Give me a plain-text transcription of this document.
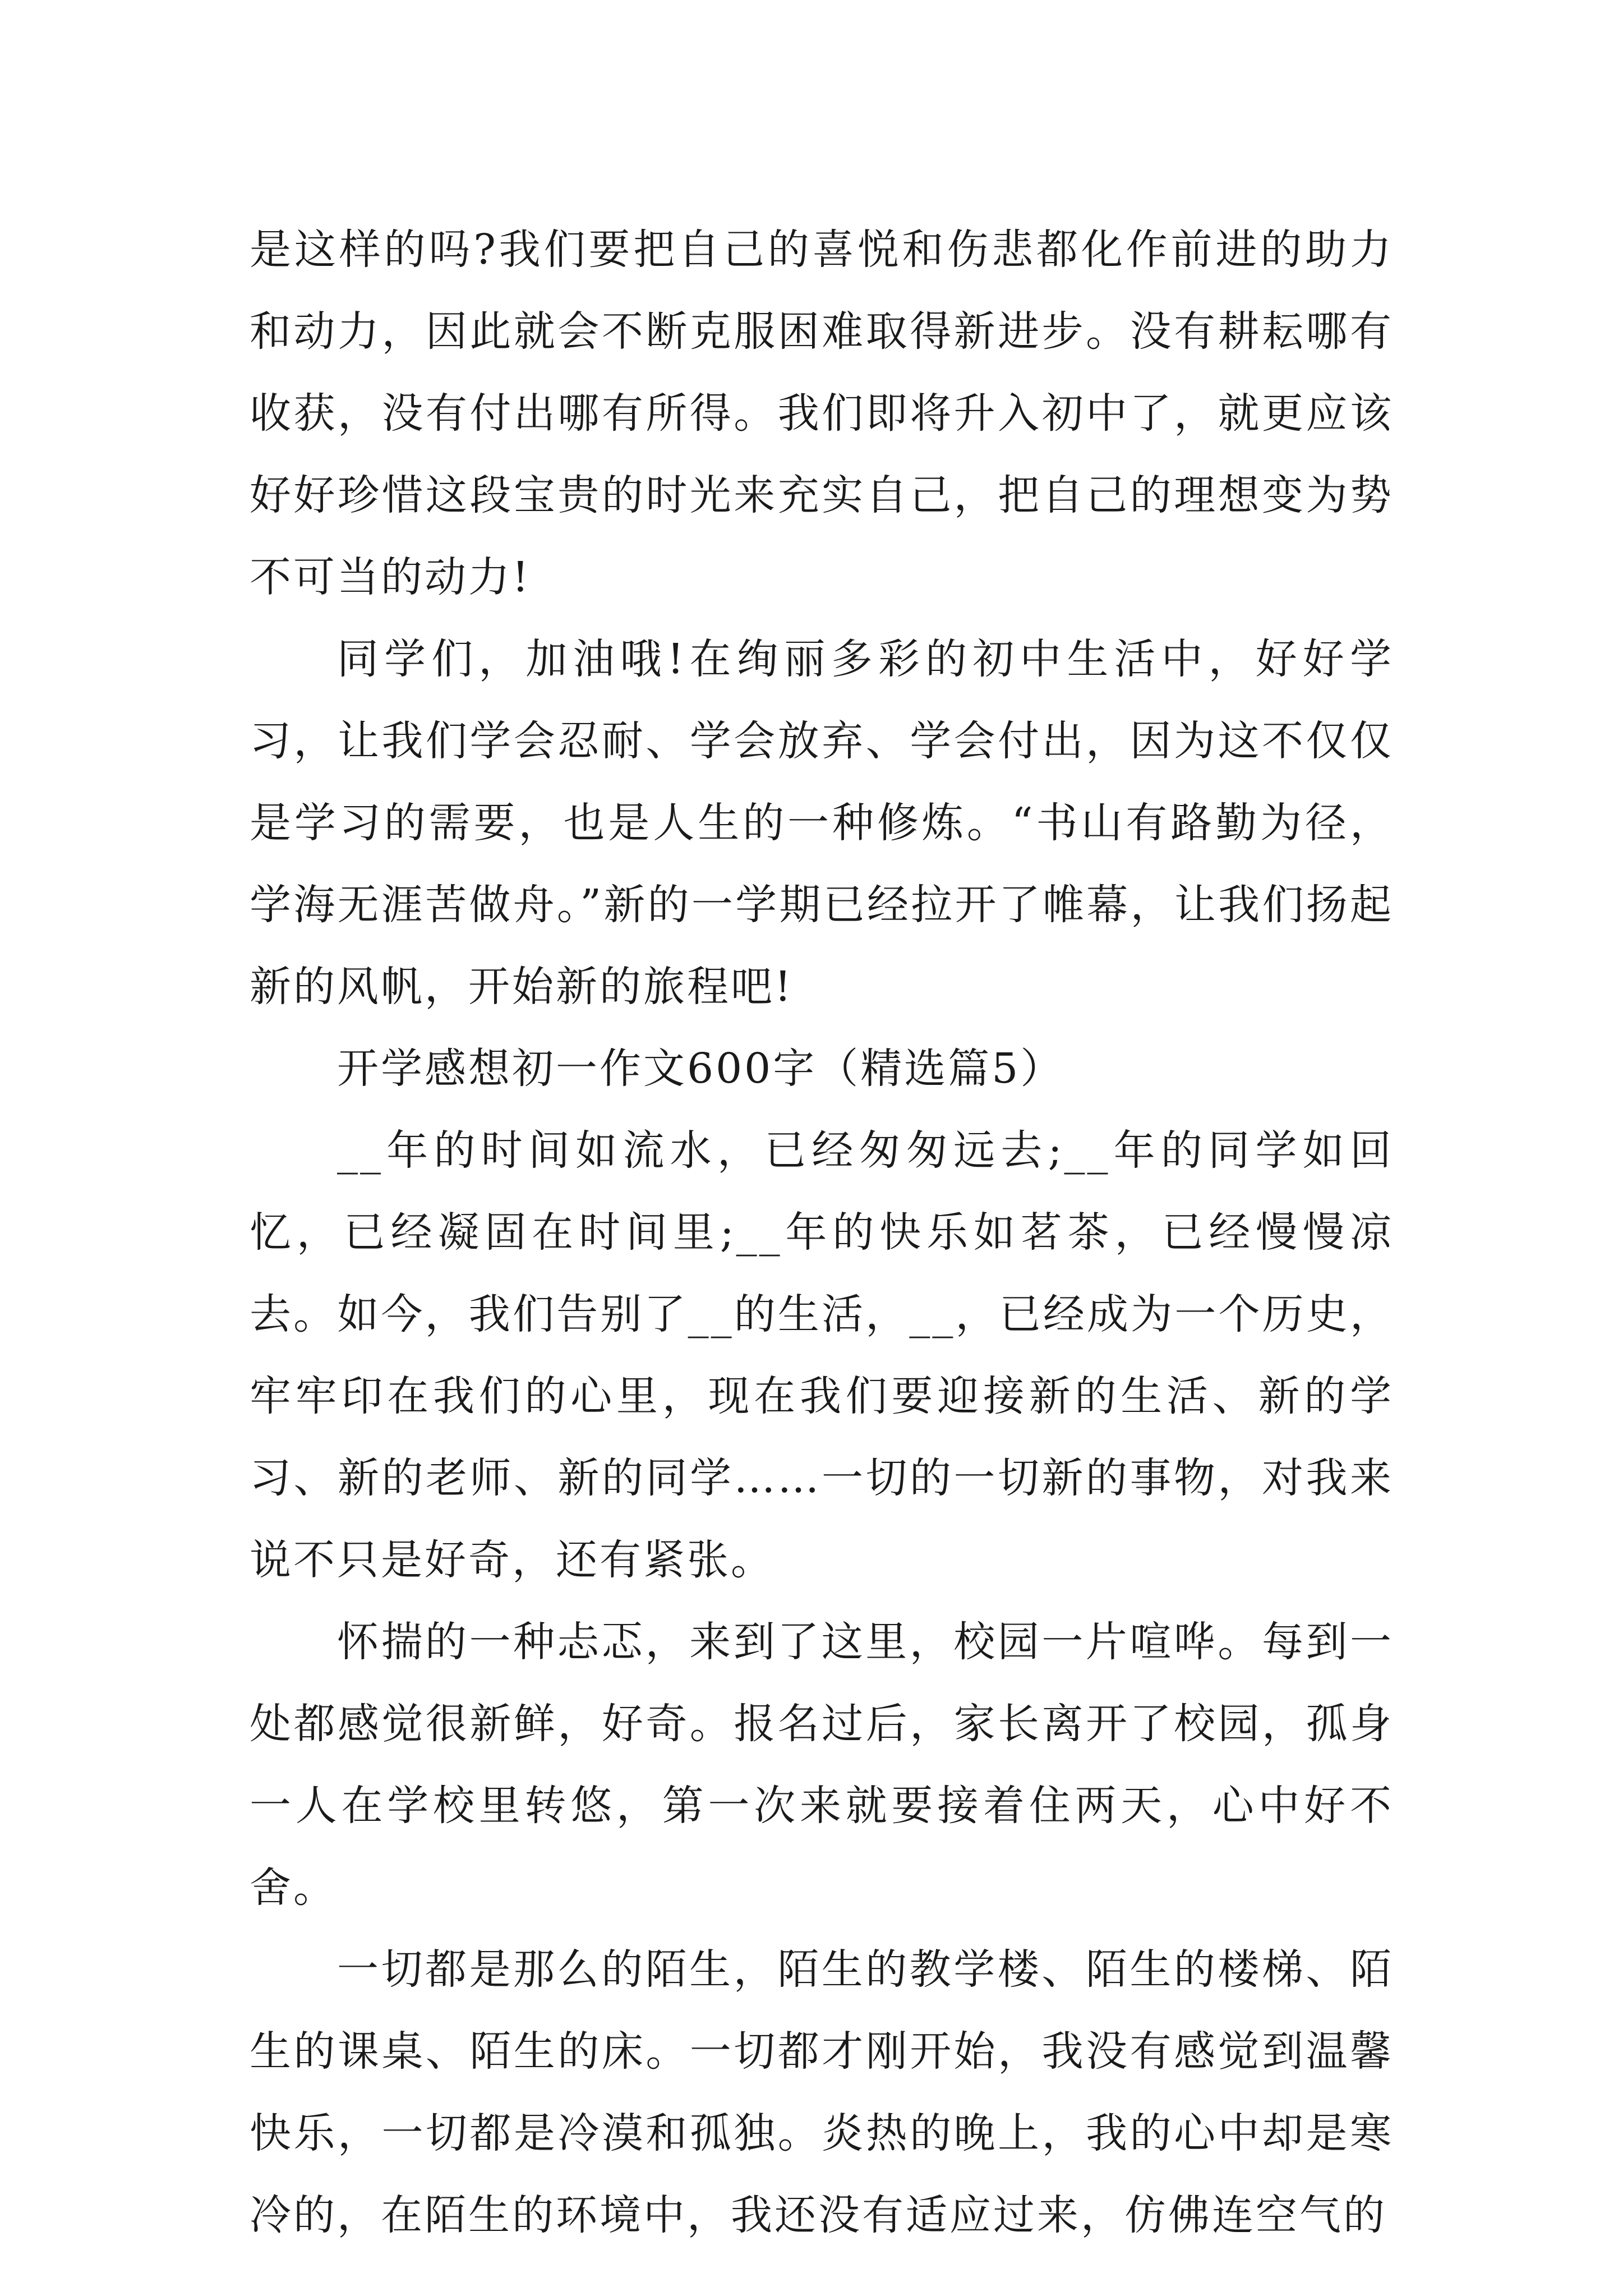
是这样的吗?我们要把自己的喜悦和伤悲都化作前进的助力和动力，因此就会不断克服困难取得新进步。没有耕耘哪有收获，没有付出哪有所得。我们即将升入初中了，就更应该好好珍惜这段宝贵的时光来充实自己，把自己的理想变为势不可当的动力!

同学们，加油哦!在绚丽多彩的初中生活中，好好学习，让我们学会忍耐、学会放弃、学会付出，因为这不仅仅是学习的需要，也是人生的一种修炼。“书山有路勤为径，学海无涯苦做舟。”新的一学期已经拉开了帷幕，让我们扬起新的风帆，开始新的旅程吧!

开学感想初一作文600字（精选篇5）

__年的时间如流水，已经匆匆远去;__年的同学如回忆，已经凝固在时间里;__年的快乐如茗茶，已经慢慢凉去。如今，我们告别了__的生活，__，已经成为一个历史，牢牢印在我们的心里，现在我们要迎接新的生活、新的学习、新的老师、新的同学……一切的一切新的事物，对我来说不只是好奇，还有紧张。

怀揣的一种忐忑，来到了这里，校园一片喧哗。每到一处都感觉很新鲜，好奇。报名过后，家长离开了校园，孤身一人在学校里转悠，第一次来就要接着住两天，心中好不舍。

一切都是那么的陌生，陌生的教学楼、陌生的楼梯、陌生的课桌、陌生的床。一切都才刚开始，我没有感觉到温馨快乐，一切都是冷漠和孤独。炎热的晚上，我的心中却是寒冷的，在陌生的环境中，我还没有适应过来，仿佛连空气的
